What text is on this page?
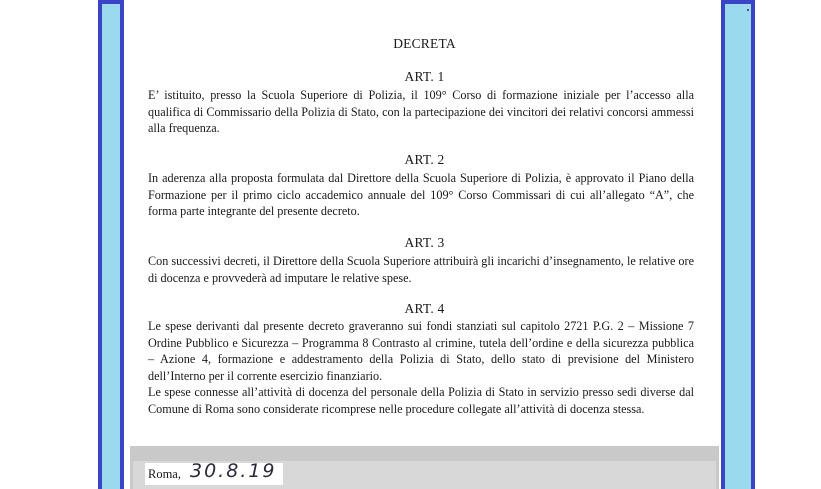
DECRETA
ART. 1
E’ istituito, presso la Scuola Superiore di Polizia, il 109° Corso di formazione iniziale per l’accesso alla qualifica di Commissario della Polizia di Stato, con la partecipazione dei vincitori dei relativi concorsi ammessi alla frequenza.
ART. 2
In aderenza alla proposta formulata dal Direttore della Scuola Superiore di Polizia, è approvato il Piano della Formazione per il primo ciclo accademico annuale del 109° Corso Commissari di cui all’allegato “A”, che forma parte integrante del presente decreto.
ART. 3
Con successivi decreti, il Direttore della Scuola Superiore attribuirà gli incarichi d’insegnamento, le relative ore di docenza e provvederà ad imputare le relative spese.
ART. 4
Le spese derivanti dal presente decreto graveranno sui fondi stanziati sul capitolo 2721 P.G. 2 – Missione 7 Ordine Pubblico e Sicurezza – Programma 8 Contrasto al crimine, tutela dell’ordine e della sicurezza pubblica – Azione 4, formazione e addestramento della Polizia di Stato, dello stato di previsione del Ministero dell’Interno per il corrente esercizio finanziario.
Le spese connesse all’attività di docenza del personale della Polizia di Stato in servizio presso sedi diverse dal Comune di Roma sono considerate ricomprese nelle procedure collegate all’attività di docenza stessa.
Roma, 30.8.19
